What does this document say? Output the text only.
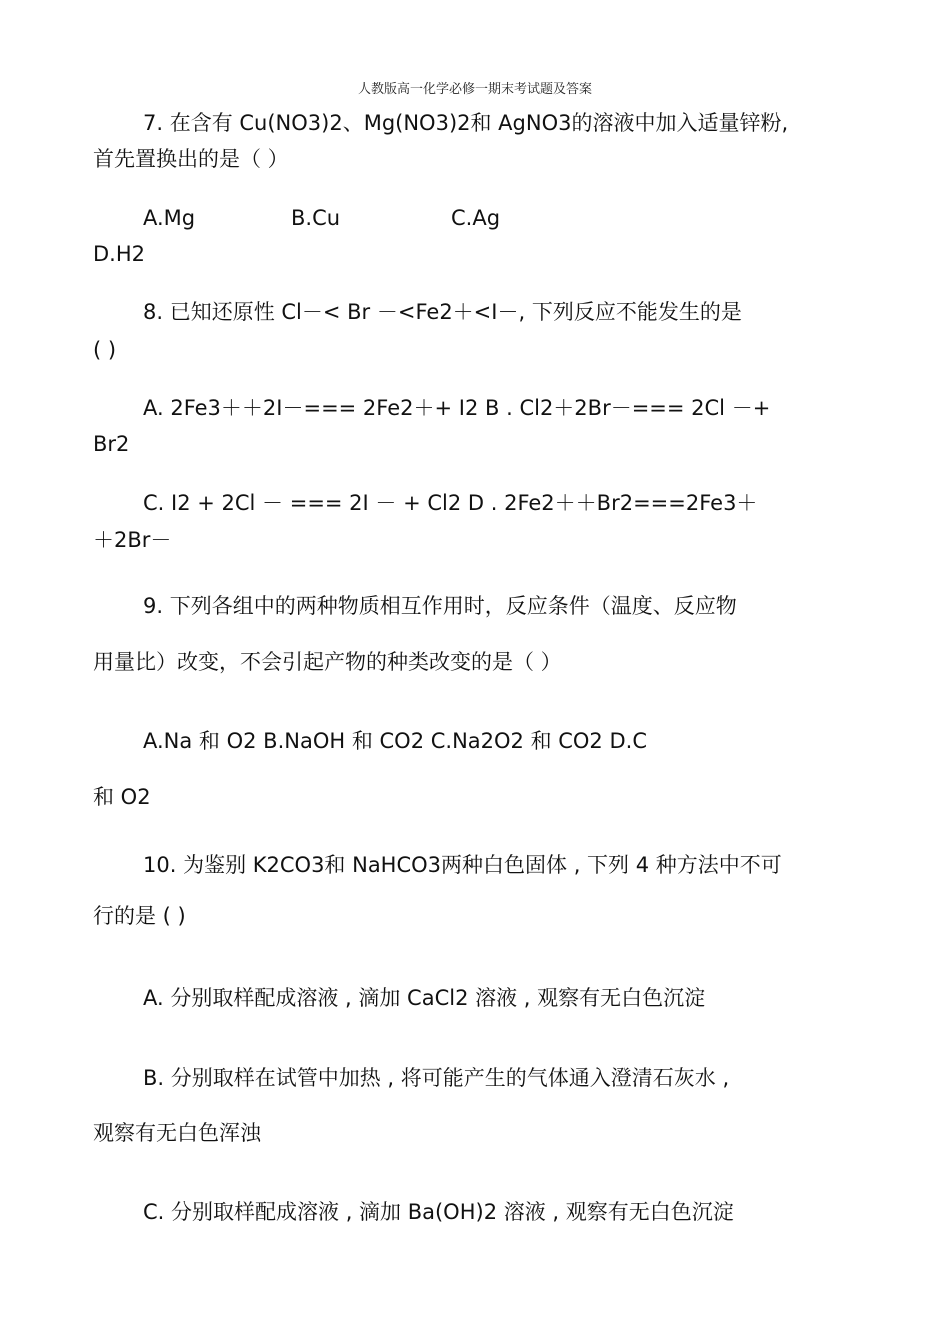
人教版高一化学必修一期末考试题及答案
7. 在含有 Cu(NO3)2、Mg(NO3)2和 AgNO3的溶液中加入适量锌粉,
首先置换出的是（ ）
A.Mg	B.Cu	C.Ag
D.H2
8. 已知还原性 Cl－< Br －<Fe2＋<I－, 下列反应不能发生的是
( )
A. 2Fe3＋＋2I－=== 2Fe2＋+ I2 B . Cl2＋2Br－=== 2Cl －+
Br2
C. I2 + 2Cl － === 2I － + Cl2 D . 2Fe2＋＋Br2===2Fe3＋
＋2Br－
9. 下列各组中的两种物质相互作用时，反应条件（温度、反应物
用量比）改变，不会引起产物的种类改变的是（ ）
A.Na 和 O2 B.NaOH 和 CO2 C.Na2O2 和 CO2 D.C
和 O2
10. 为鉴别 K2CO3和 NaHCO3两种白色固体 , 下列 4 种方法中不可
行的是 ( )
A. 分别取样配成溶液 , 滴加 CaCl2 溶液 , 观察有无白色沉淀
B. 分别取样在试管中加热 , 将可能产生的气体通入澄清石灰水 ,
观察有无白色浑浊
C. 分别取样配成溶液 , 滴加 Ba(OH)2 溶液 , 观察有无白色沉淀
